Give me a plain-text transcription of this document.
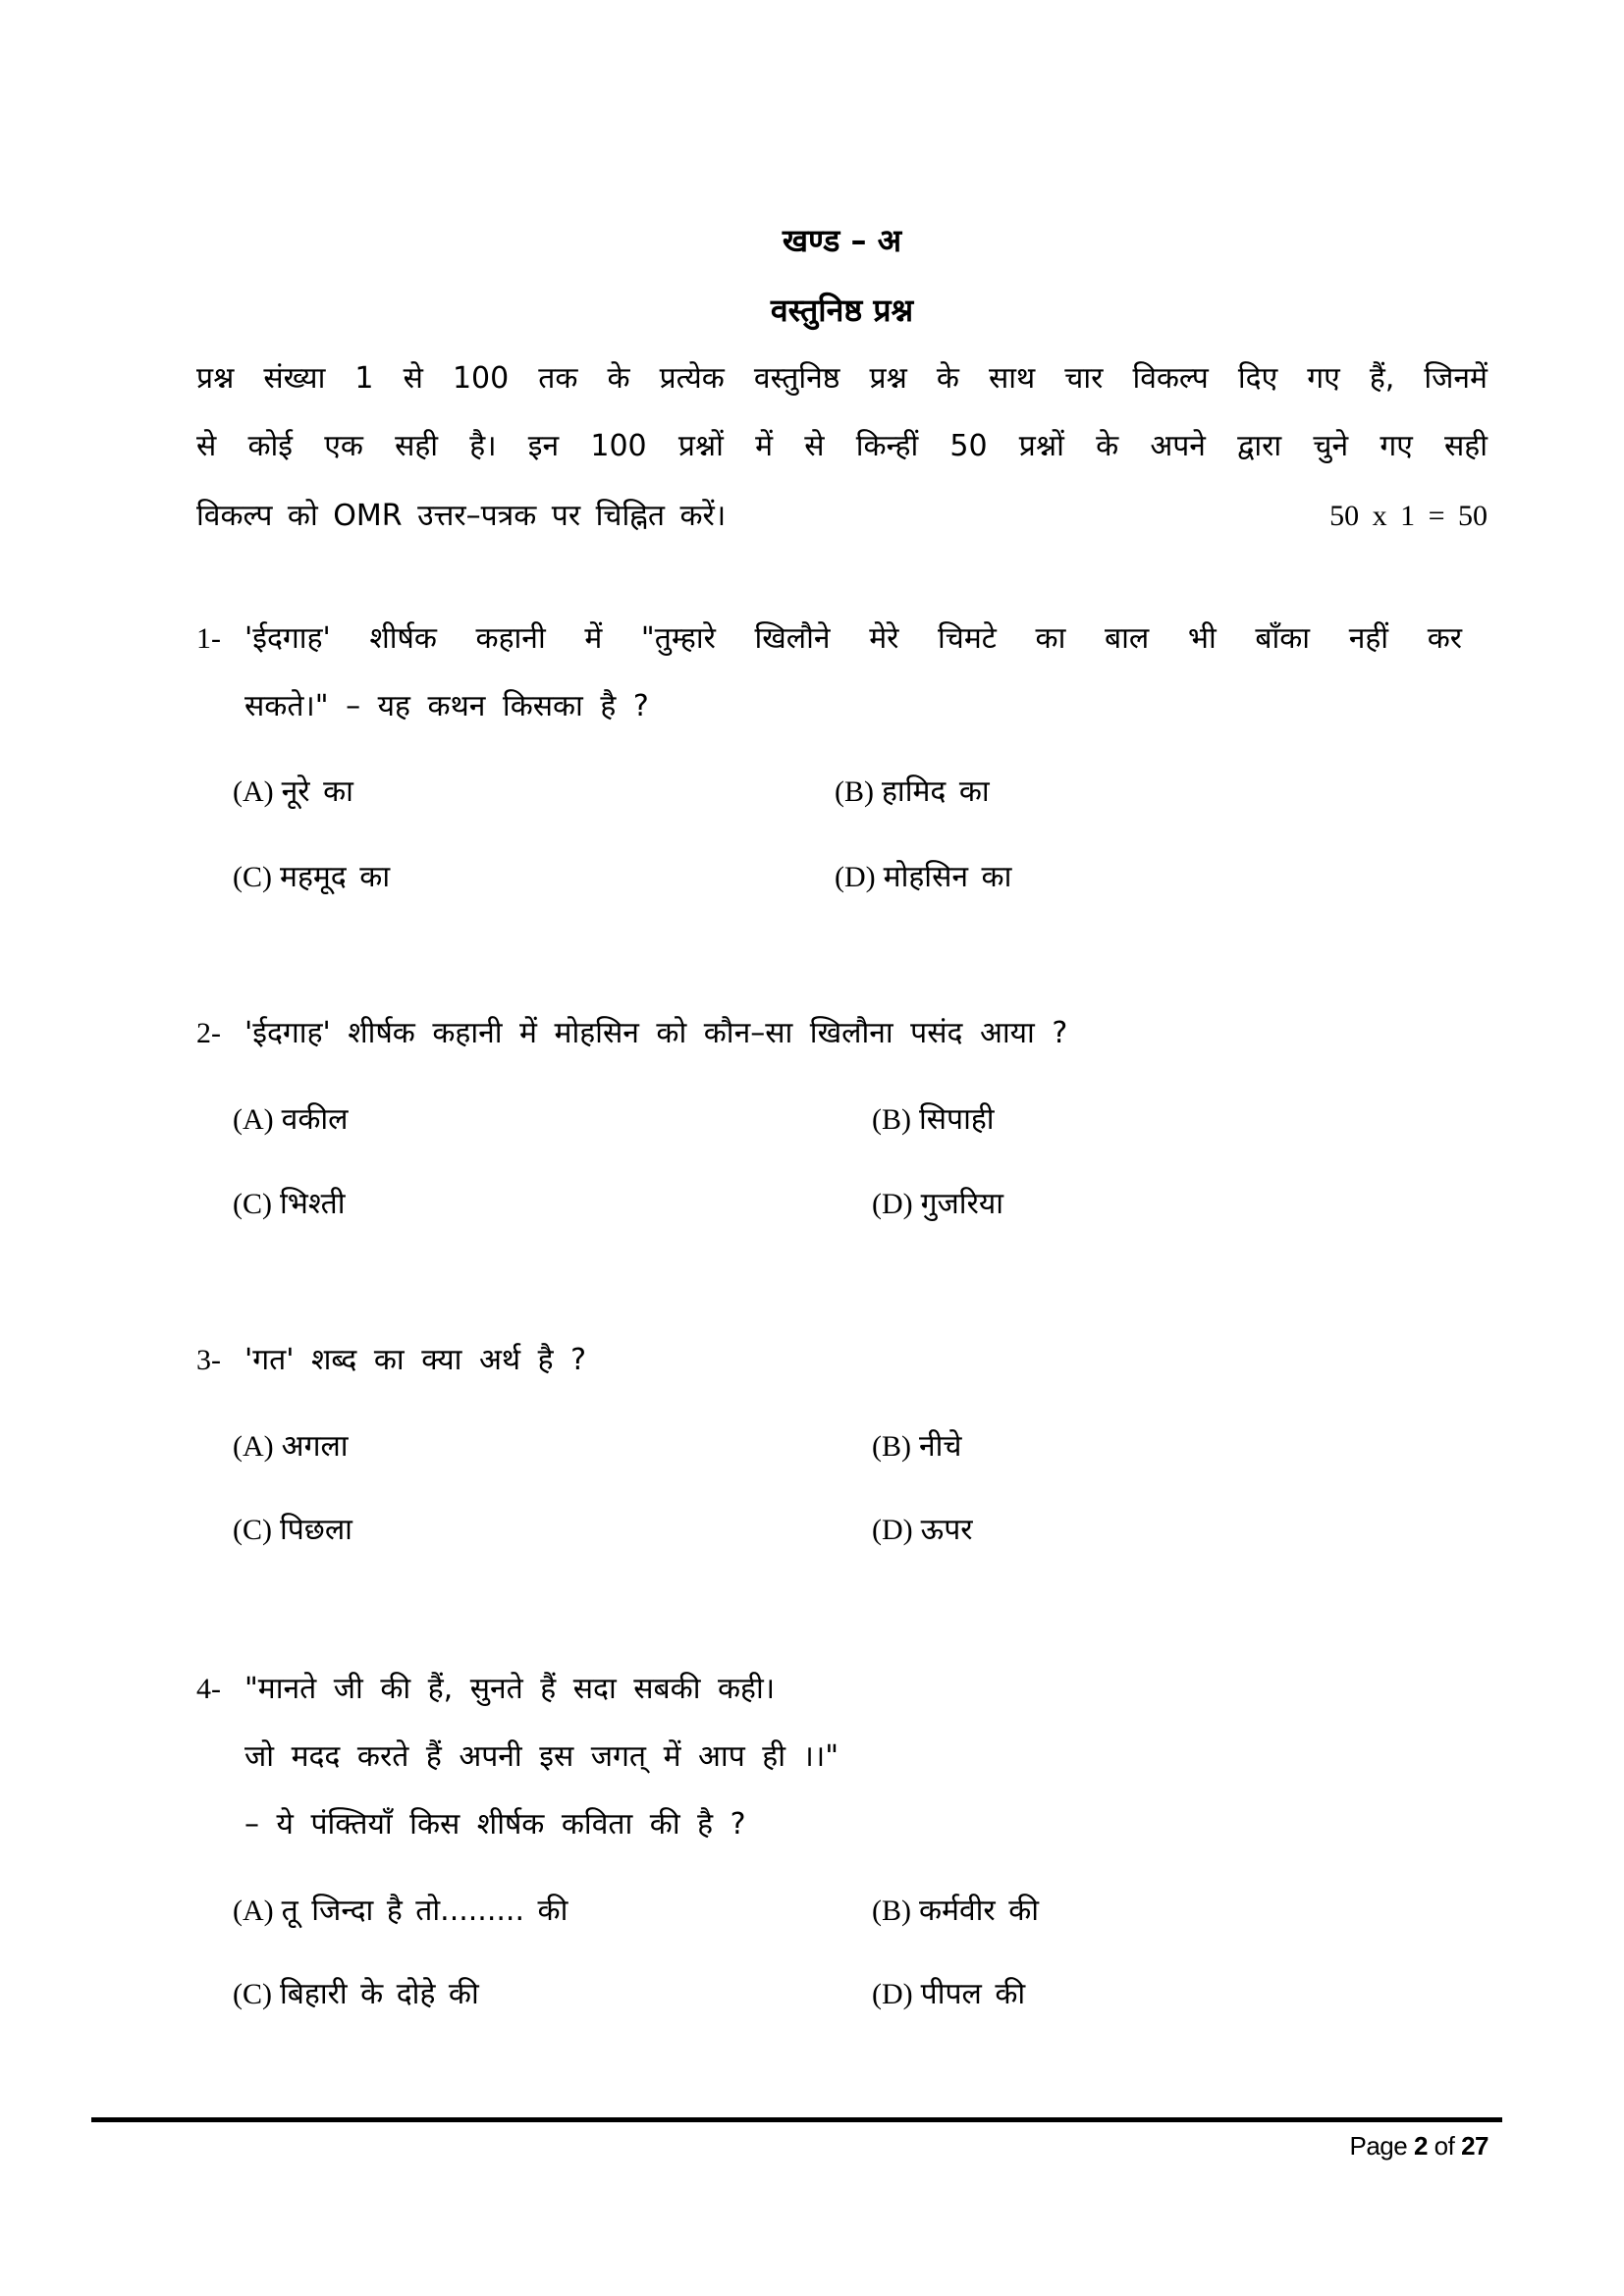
खण्ड – अ
वस्तुनिष्ठ प्रश्न
प्रश्न संख्या 1 से 100 तक के प्रत्येक वस्तुनिष्ठ प्रश्न के साथ चार विकल्प दिए गए हैं, जिनमें
से कोई एक सही है। इन 100 प्रश्नों में से किन्हीं 50 प्रश्नों के अपने द्वारा चुने गए सही
विकल्प को OMR उत्तर–पत्रक पर चिह्नित करें।	50 x 1 = 50
1- 'ईदगाह' शीर्षक कहानी में "तुम्हारे खिलौने मेरे चिमटे का बाल भी बाँका नहीं कर
सकते।" – यह कथन किसका है ?
(A) नूरे का	(B) हामिद का
(C) महमूद का	(D) मोहसिन का
2- 'ईदगाह' शीर्षक कहानी में मोहसिन को कौन–सा खिलौना पसंद आया ?
(A) वकील	(B) सिपाही
(C) भिश्ती	(D) गुजरिया
3- 'गत' शब्द का क्या अर्थ है ?
(A) अगला	(B) नीचे
(C) पिछला	(D) ऊपर
4- "मानते जी की हैं, सुनते हैं सदा सबकी कही।
जो मदद करते हैं अपनी इस जगत् में आप ही ।।"
– ये पंक्तियाँ किस शीर्षक कविता की है ?
(A) तू जिन्दा है तो......... की	(B) कर्मवीर की
(C) बिहारी के दोहे की	(D) पीपल की
Page 2 of 27
